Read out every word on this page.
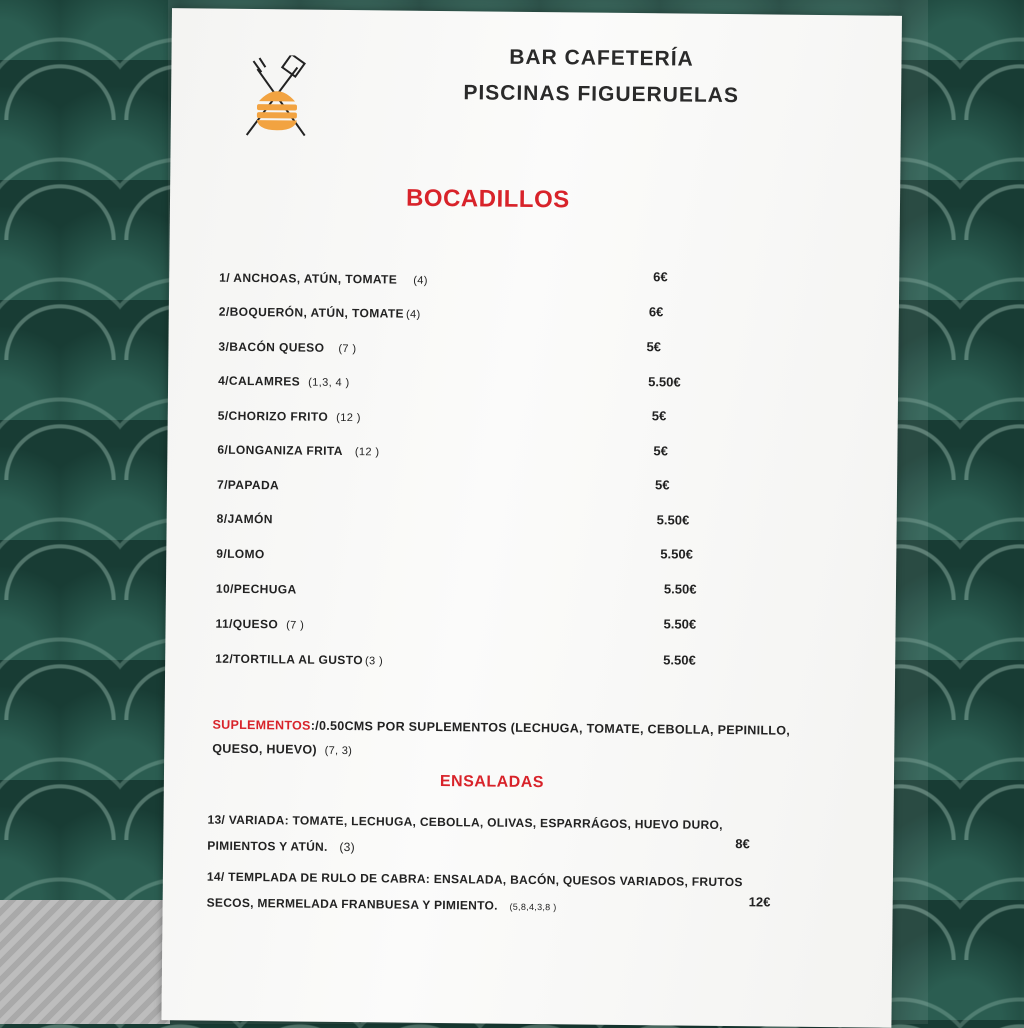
BAR CAFETERÍA
PISCINAS FIGUERUELAS
BOCADILLOS
1/ ANCHOAS, ATÚN, TOMATE (4)	6€
2/BOQUERÓN, ATÚN, TOMATE (4)	6€
3/BACÓN QUESO (7 )	5€
4/CALAMRES (1,3, 4 )	5.50€
5/CHORIZO FRITO (12 )	5€
6/LONGANIZA FRITA (12 )	5€
7/PAPADA	5€
8/JAMÓN	5.50€
9/LOMO	5.50€
10/PECHUGA	5.50€
11/QUESO (7 )	5.50€
12/TORTILLA AL GUSTO (3 )	5.50€
SUPLEMENTOS:/0.50CMS POR SUPLEMENTOS (LECHUGA, TOMATE, CEBOLLA, PEPINILLO, QUESO, HUEVO) (7, 3)
ENSALADAS
13/ VARIADA: TOMATE, LECHUGA, CEBOLLA, OLIVAS, ESPARRÁGOS, HUEVO DURO, PIMIENTOS Y ATÚN. (3)	8€
14/ TEMPLADA DE RULO DE CABRA: ENSALADA, BACÓN, QUESOS VARIADOS, FRUTOS SECOS, MERMELADA FRANBUESA Y PIMIENTO. (5,8,4,3,8 )	12€
